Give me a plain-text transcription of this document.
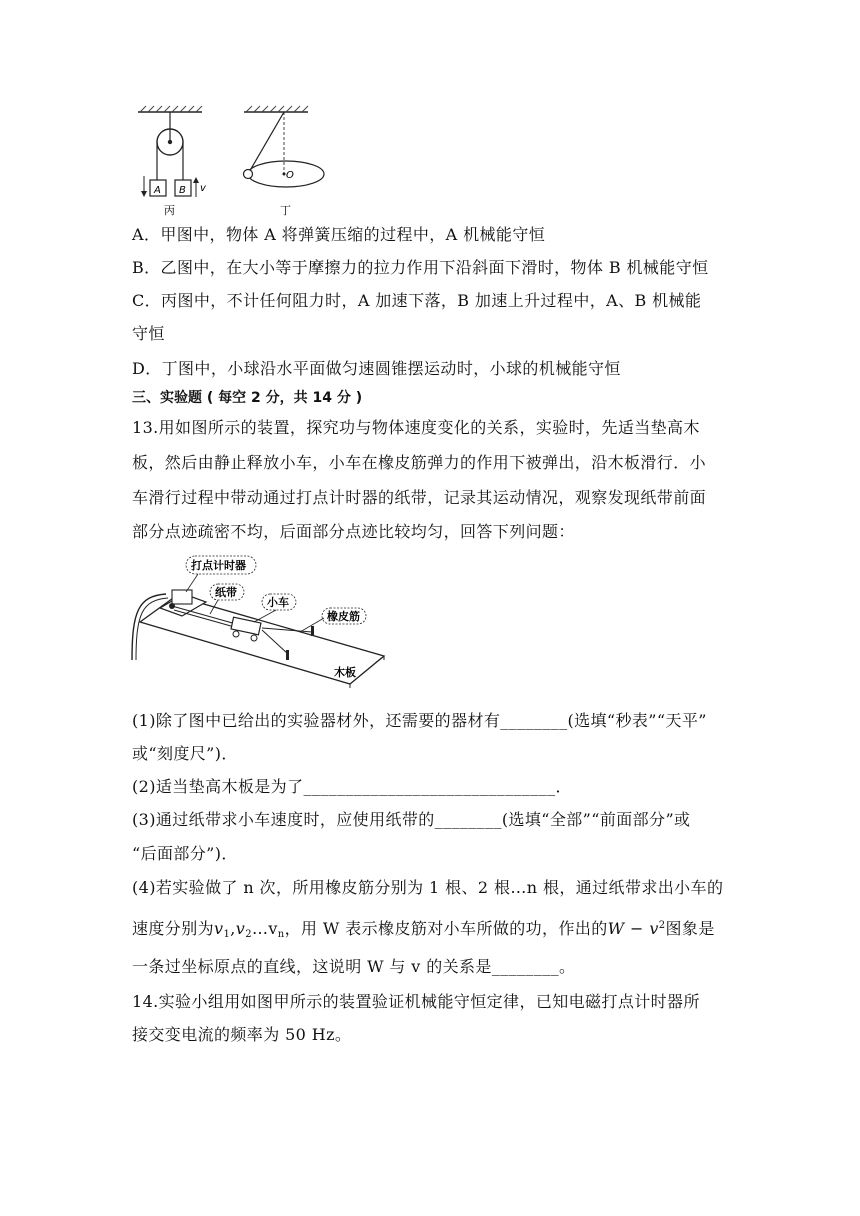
A B v
丙
O
丁
A．甲图中，物体 A 将弹簧压缩的过程中，A 机械能守恒
B．乙图中，在大小等于摩擦力的拉力作用下沿斜面下滑时，物体 B 机械能守恒
C．丙图中，不计任何阻力时，A 加速下落，B 加速上升过程中，A、B 机械能
守恒
D．丁图中，小球沿水平面做匀速圆锥摆运动时，小球的机械能守恒
三、实验题 ( 每空 2 分，共 14 分 )
13.用如图所示的装置，探究功与物体速度变化的关系，实验时，先适当垫高木
板，然后由静止释放小车，小车在橡皮筋弹力的作用下被弹出，沿木板滑行．小
车滑行过程中带动通过打点计时器的纸带，记录其运动情况，观察发现纸带前面
部分点迹疏密不均，后面部分点迹比较均匀，回答下列问题：
打点计时器
纸带
小车
橡皮筋
木板
(1)除了图中已给出的实验器材外，还需要的器材有________(选填“秒表”“天平”
或“刻度尺”)．
(2)适当垫高木板是为了______________________________．
(3)通过纸带求小车速度时，应使用纸带的________(选填“全部”“前面部分”或
“后面部分”)．
(4)若实验做了 n 次，所用橡皮筋分别为 1 根、2 根…n 根，通过纸带求出小车的
速度分别为$v_1,v_2\dots v_n$，用 W 表示橡皮筋对小车所做的功，作出的$W - v^2$图象是
一条过坐标原点的直线，这说明 W 与 v 的关系是________。
14.实验小组用如图甲所示的装置验证机械能守恒定律，已知电磁打点计时器所
接交变电流的频率为 50 Hz。
